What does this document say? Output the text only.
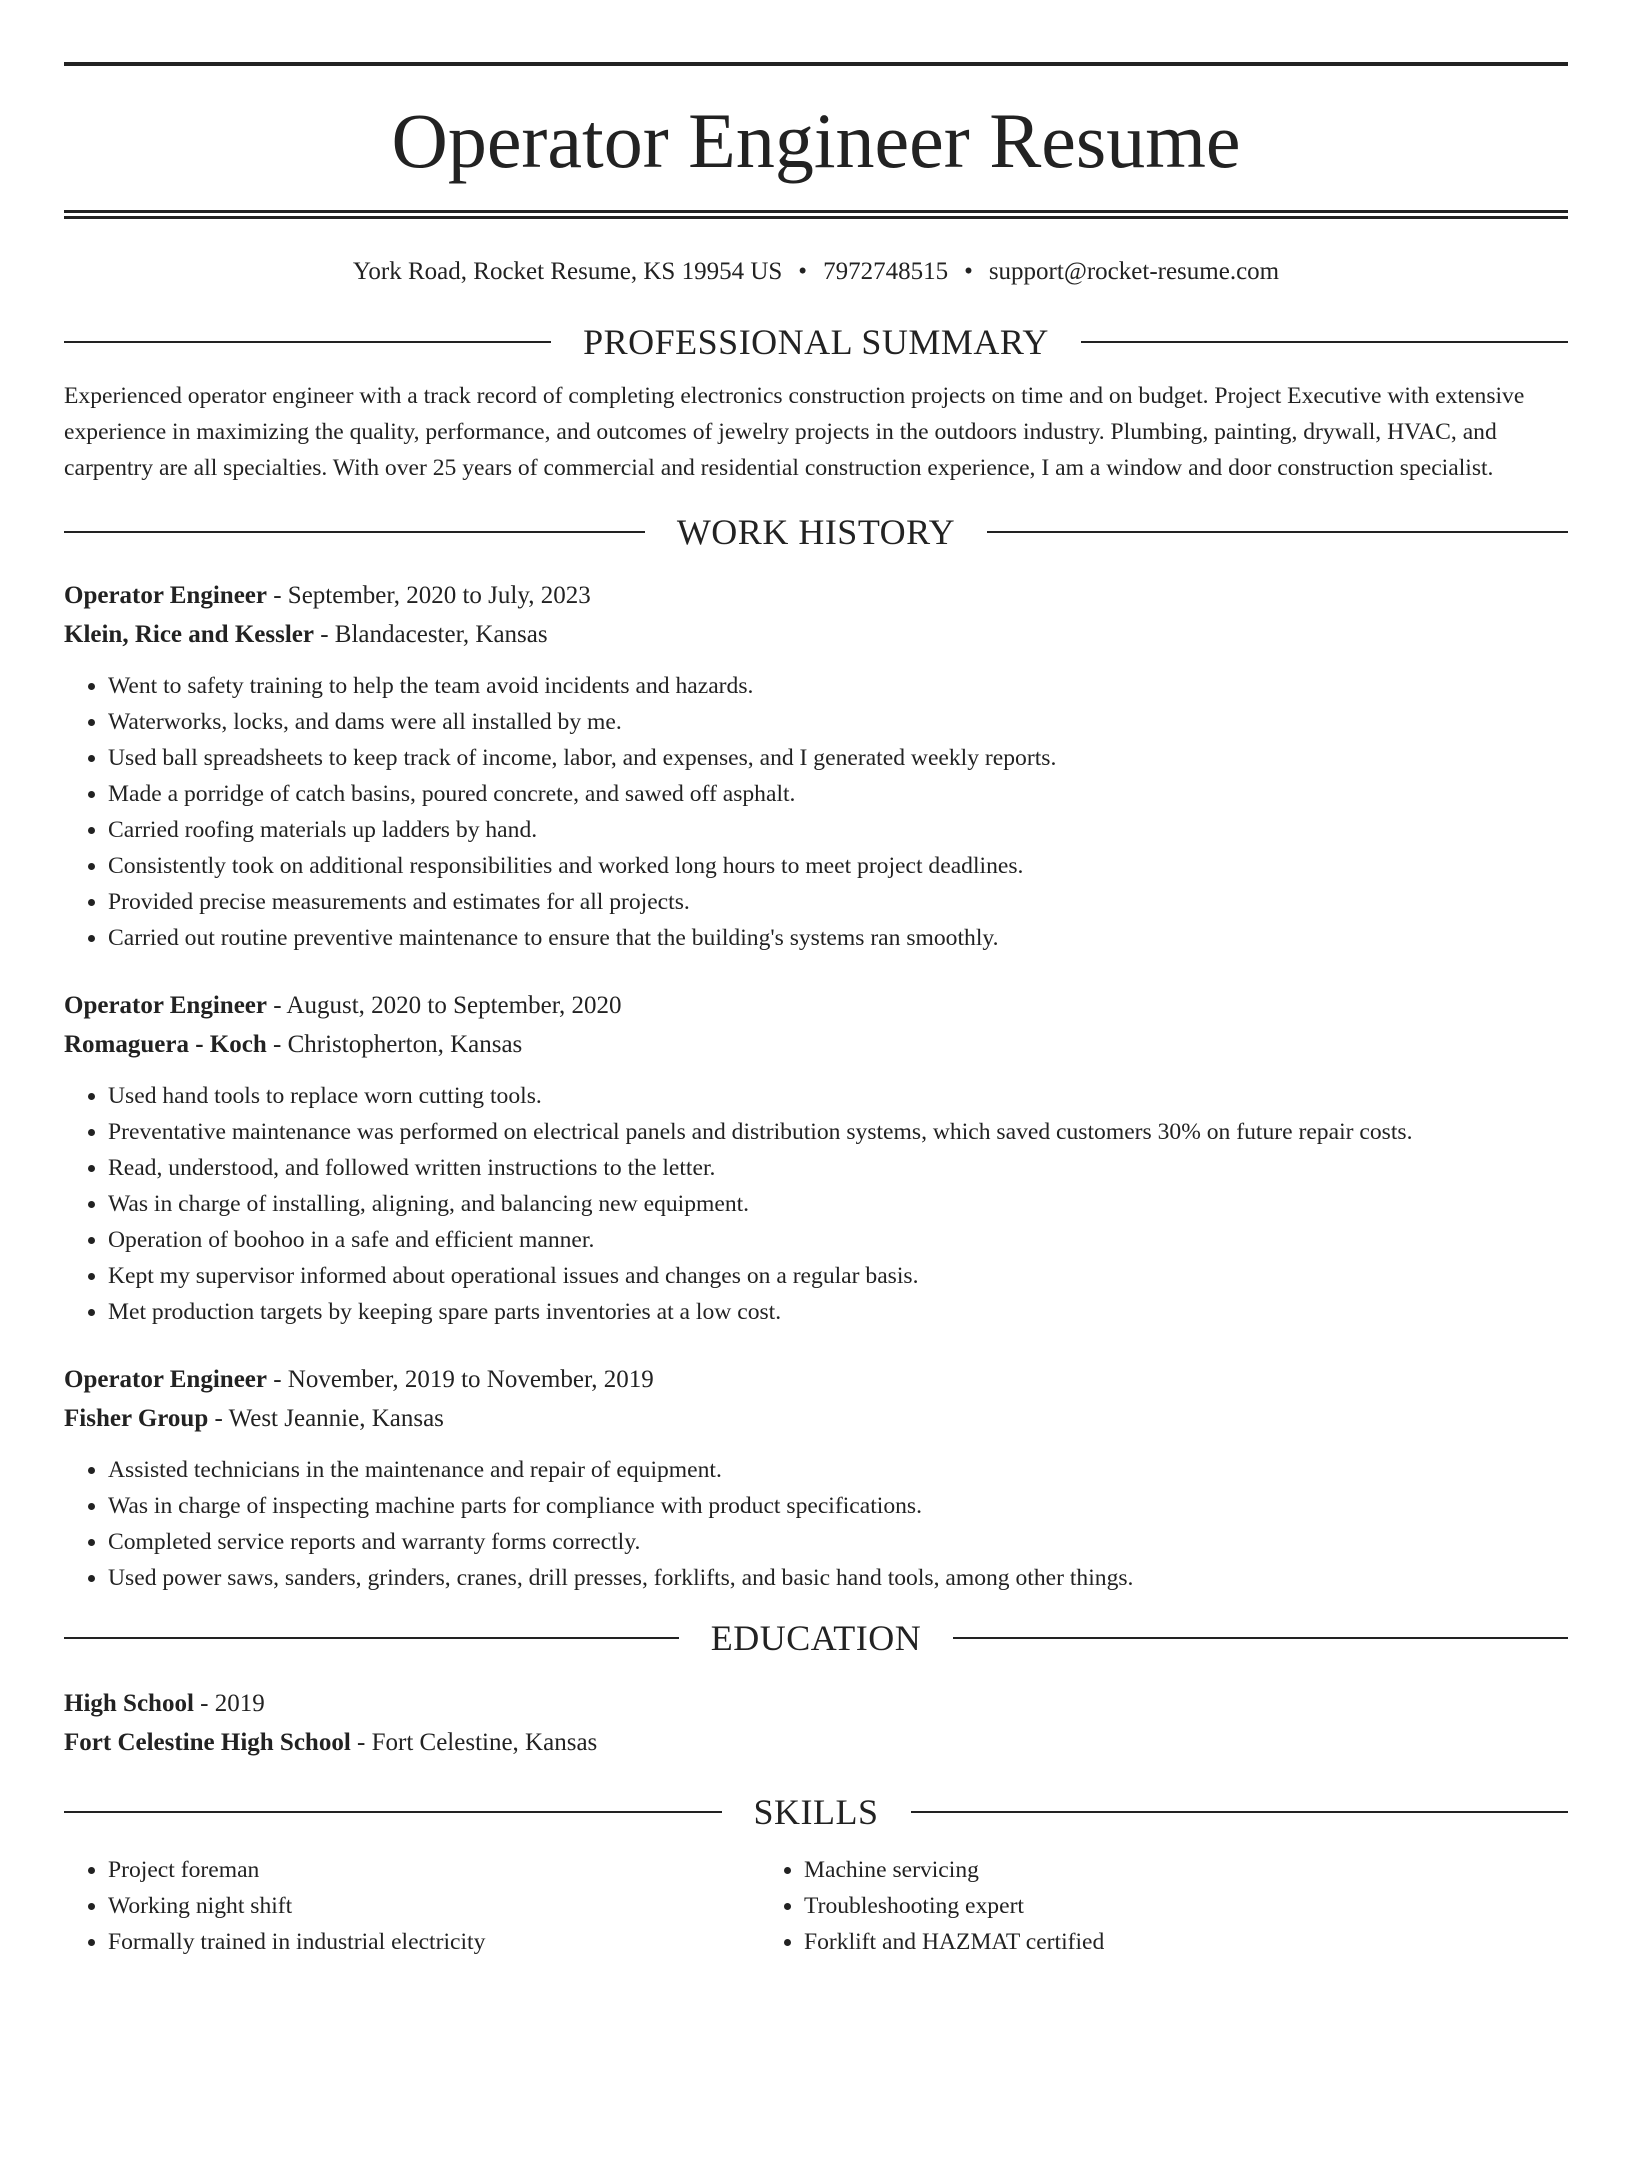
Operator Engineer Resume
York Road, Rocket Resume, KS 19954 US • 7972748515 • support@rocket-resume.com
PROFESSIONAL SUMMARY
Experienced operator engineer with a track record of completing electronics construction projects on time and on budget. Project Executive with extensive experience in maximizing the quality, performance, and outcomes of jewelry projects in the outdoors industry. Plumbing, painting, drywall, HVAC, and carpentry are all specialties. With over 25 years of commercial and residential construction experience, I am a window and door construction specialist.
WORK HISTORY
Operator Engineer - September, 2020 to July, 2023
Klein, Rice and Kessler - Blandacester, Kansas
• Went to safety training to help the team avoid incidents and hazards.
• Waterworks, locks, and dams were all installed by me.
• Used ball spreadsheets to keep track of income, labor, and expenses, and I generated weekly reports.
• Made a porridge of catch basins, poured concrete, and sawed off asphalt.
• Carried roofing materials up ladders by hand.
• Consistently took on additional responsibilities and worked long hours to meet project deadlines.
• Provided precise measurements and estimates for all projects.
• Carried out routine preventive maintenance to ensure that the building's systems ran smoothly.
Operator Engineer - August, 2020 to September, 2020
Romaguera - Koch - Christopherton, Kansas
• Used hand tools to replace worn cutting tools.
• Preventative maintenance was performed on electrical panels and distribution systems, which saved customers 30% on future repair costs.
• Read, understood, and followed written instructions to the letter.
• Was in charge of installing, aligning, and balancing new equipment.
• Operation of boohoo in a safe and efficient manner.
• Kept my supervisor informed about operational issues and changes on a regular basis.
• Met production targets by keeping spare parts inventories at a low cost.
Operator Engineer - November, 2019 to November, 2019
Fisher Group - West Jeannie, Kansas
• Assisted technicians in the maintenance and repair of equipment.
• Was in charge of inspecting machine parts for compliance with product specifications.
• Completed service reports and warranty forms correctly.
• Used power saws, sanders, grinders, cranes, drill presses, forklifts, and basic hand tools, among other things.
EDUCATION
High School - 2019
Fort Celestine High School - Fort Celestine, Kansas
SKILLS
• Project foreman
• Working night shift
• Formally trained in industrial electricity
• Machine servicing
• Troubleshooting expert
• Forklift and HAZMAT certified
